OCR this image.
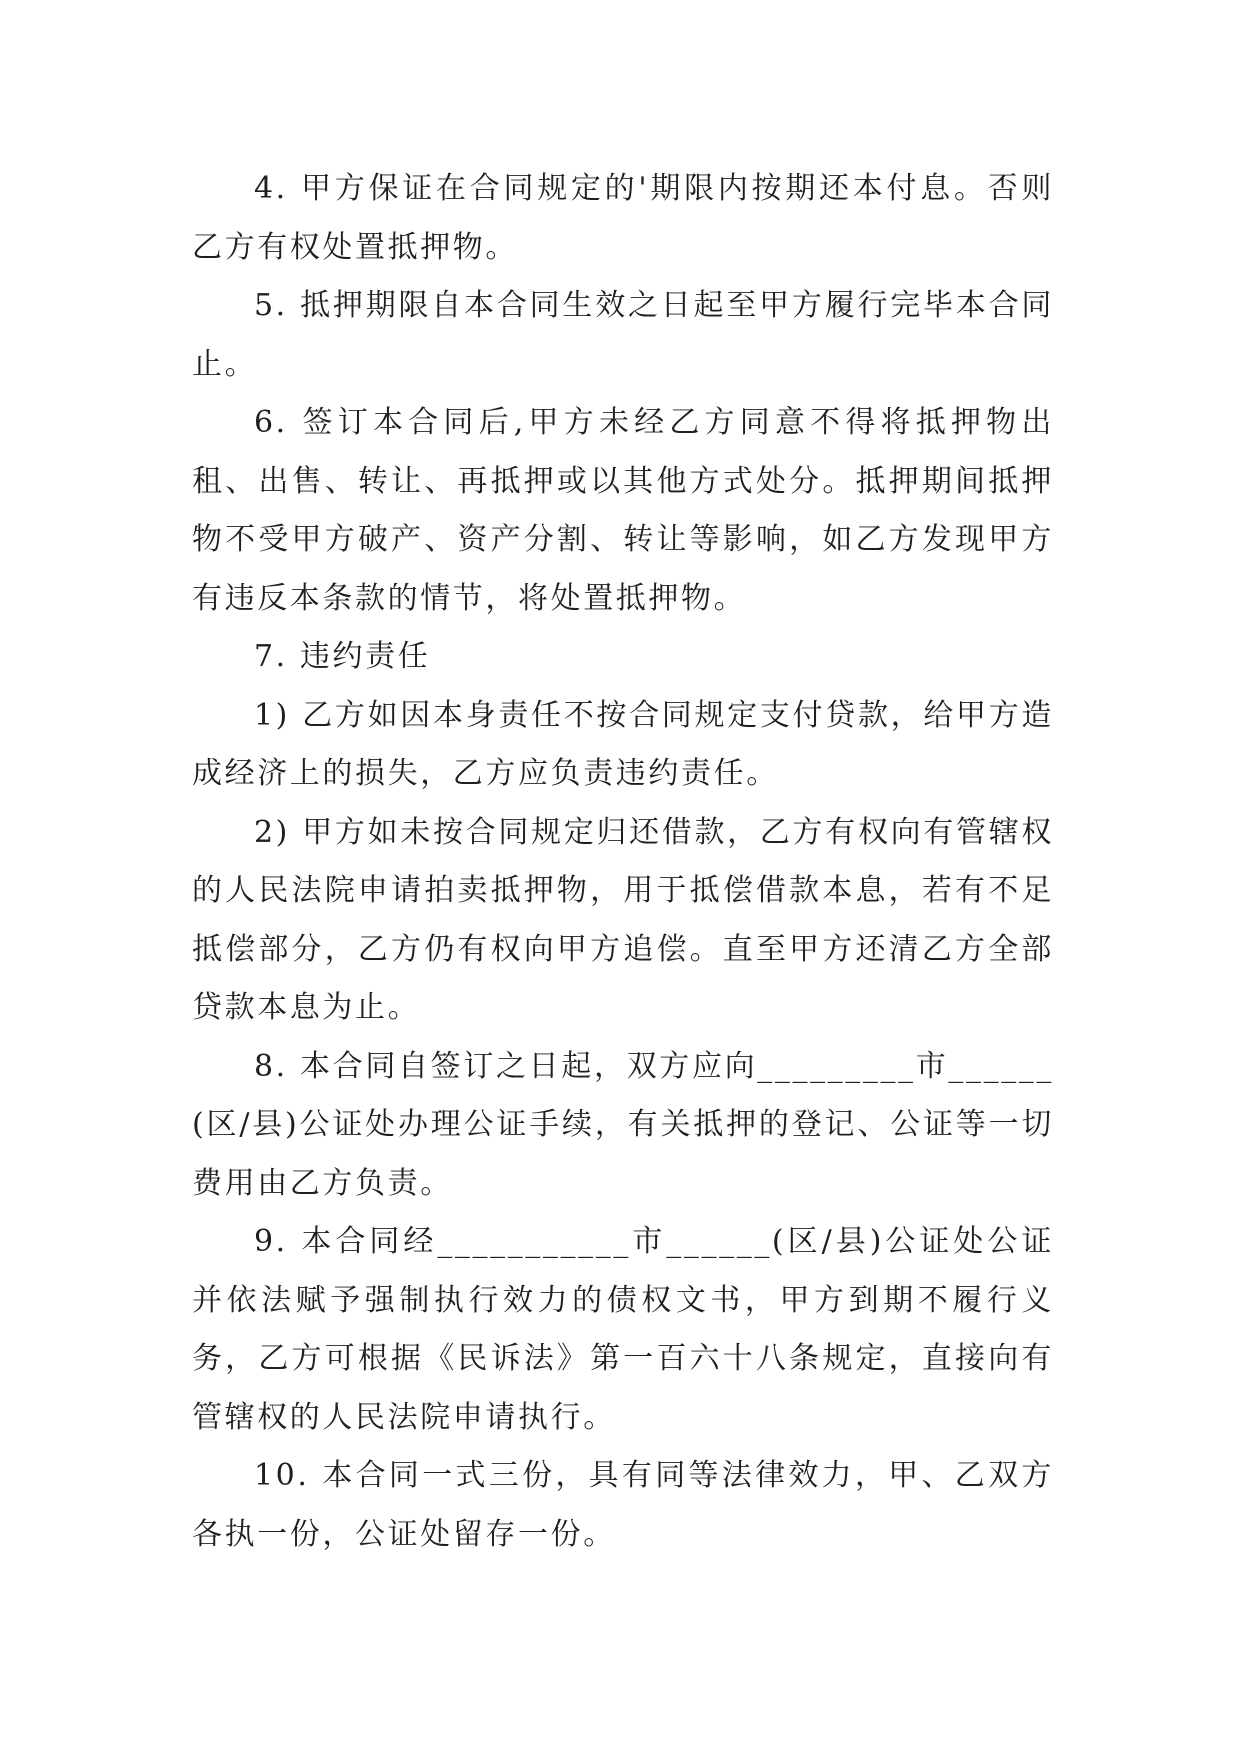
4. 甲方保证在合同规定的'期限内按期还本付息。否则乙方有权处置抵押物。

5. 抵押期限自本合同生效之日起至甲方履行完毕本合同止。

6. 签订本合同后,甲方未经乙方同意不得将抵押物出租、出售、转让、再抵押或以其他方式处分。抵押期间抵押物不受甲方破产、资产分割、转让等影响，如乙方发现甲方有违反本条款的情节，将处置抵押物。

7. 违约责任

1) 乙方如因本身责任不按合同规定支付贷款，给甲方造成经济上的损失，乙方应负责违约责任。

2) 甲方如未按合同规定归还借款，乙方有权向有管辖权的人民法院申请拍卖抵押物，用于抵偿借款本息，若有不足抵偿部分，乙方仍有权向甲方追偿。直至甲方还清乙方全部贷款本息为止。

8. 本合同自签订之日起，双方应向_________市______(区/县)公证处办理公证手续，有关抵押的登记、公证等一切费用由乙方负责。

9. 本合同经___________市______(区/县)公证处公证并依法赋予强制执行效力的债权文书，甲方到期不履行义务，乙方可根据《民诉法》第一百六十八条规定，直接向有管辖权的人民法院申请执行。

10. 本合同一式三份，具有同等法律效力，甲、乙双方各执一份，公证处留存一份。
